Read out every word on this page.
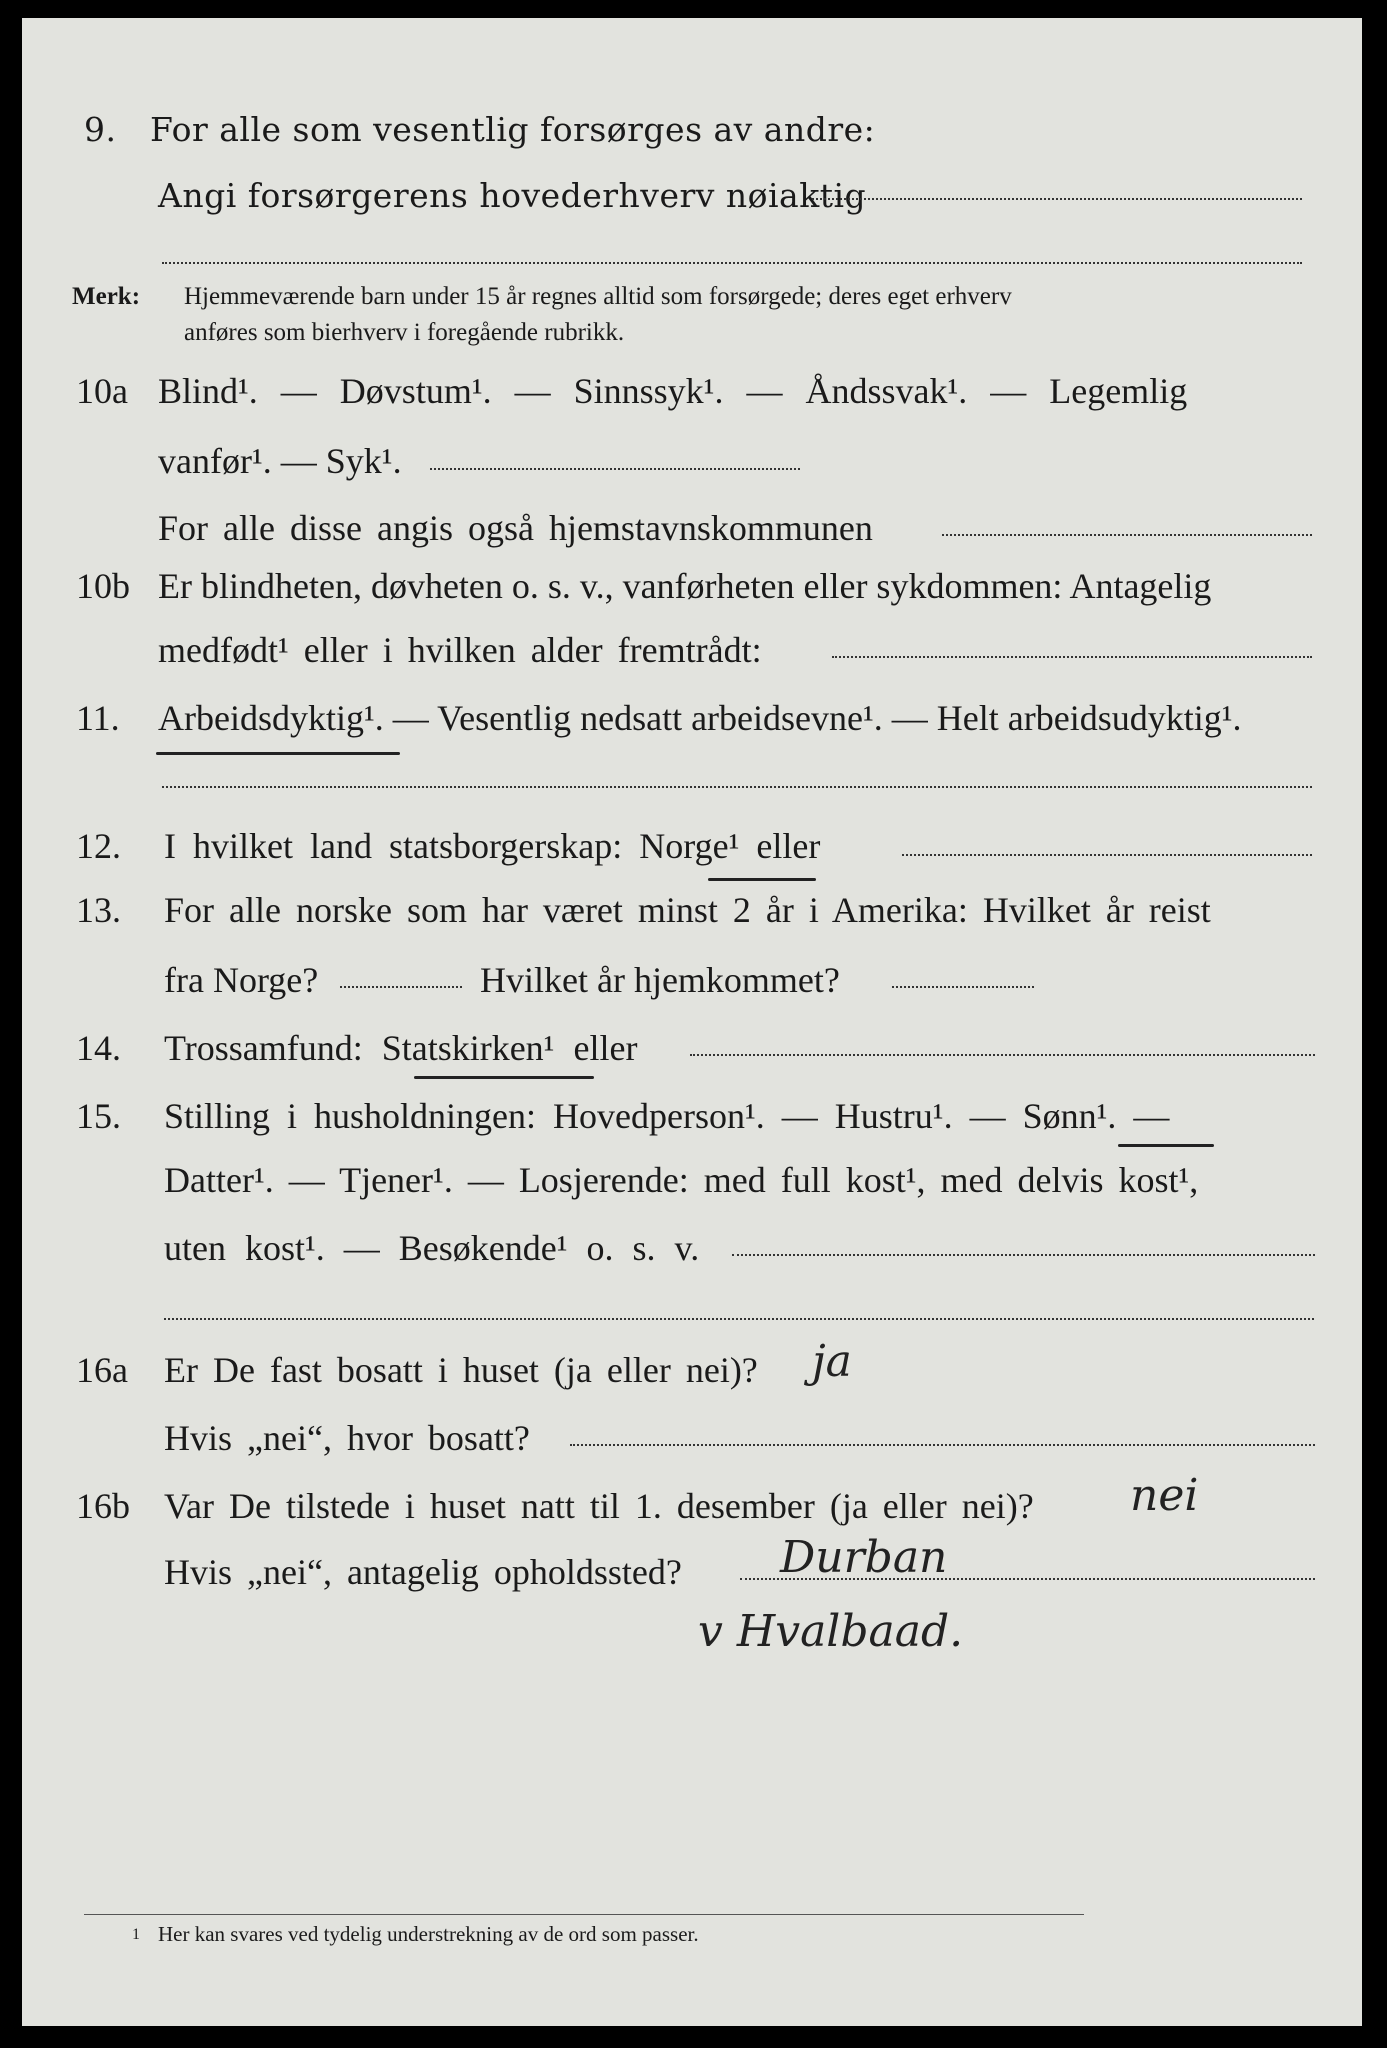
9. For alle som vesentlig forsørges av andre:
Angi forsørgerens hovederhverv nøiaktig
Merk: Hjemmeværende barn under 15 år regnes alltid som forsørgede; deres eget erhverv
anføres som bierhverv i foregående rubrikk.
10a Blind¹. — Døvstum¹. — Sinnssyk¹. — Åndssvak¹. — Legemlig
vanfør¹. — Syk¹.
For alle disse angis også hjemstavnskommunen
10b Er blindheten, døvheten o. s. v., vanførheten eller sykdommen: Antagelig
medfødt¹ eller i hvilken alder fremtrådt:
11. Arbeidsdyktig¹. — Vesentlig nedsatt arbeidsevne¹. — Helt arbeidsudyktig¹.
12. I hvilket land statsborgerskap: Norge¹ eller
13. For alle norske som har været minst 2 år i Amerika: Hvilket år reist
fra Norge?	Hvilket år hjemkommet?
14. Trossamfund: Statskirken¹ eller
15. Stilling i husholdningen: Hovedperson¹. — Hustru¹. — Sønn¹. —
Datter¹. — Tjener¹. — Losjerende: med full kost¹, med delvis kost¹,
uten kost¹. — Besøkende¹ o. s. v.
16a Er De fast bosatt i huset (ja eller nei)? ja
Hvis „nei“, hvor bosatt?
16b Var De tilstede i huset natt til 1. desember (ja eller nei)? nei
Hvis „nei“, antagelig opholdssted? Durban
v Hvalbaad.
1 Her kan svares ved tydelig understrekning av de ord som passer.
